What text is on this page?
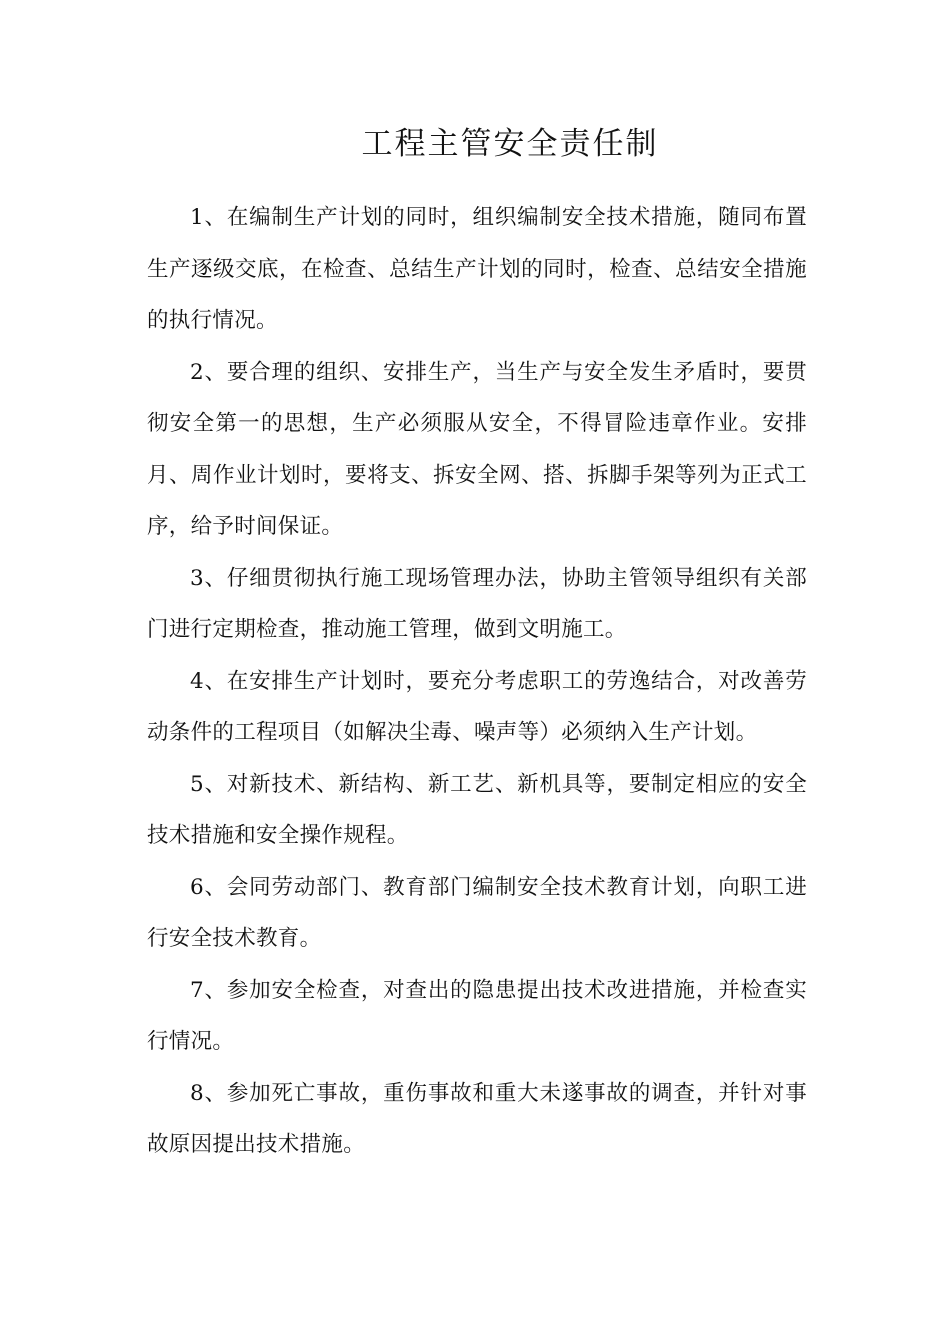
工程主管安全责任制

1、在编制生产计划的同时，组织编制安全技术措施，随同布置生产逐级交底，在检查、总结生产计划的同时，检查、总结安全措施的执行情况。

2、要合理的组织、安排生产，当生产与安全发生矛盾时，要贯彻安全第一的思想，生产必须服从安全，不得冒险违章作业。安排月、周作业计划时，要将支、拆安全网、搭、拆脚手架等列为正式工序，给予时间保证。

3、仔细贯彻执行施工现场管理办法，协助主管领导组织有关部门进行定期检查，推动施工管理，做到文明施工。

4、在安排生产计划时，要充分考虑职工的劳逸结合，对改善劳动条件的工程项目（如解决尘毒、噪声等）必须纳入生产计划。

5、对新技术、新结构、新工艺、新机具等，要制定相应的安全技术措施和安全操作规程。

6、会同劳动部门、教育部门编制安全技术教育计划，向职工进行安全技术教育。

7、参加安全检查，对查出的隐患提出技术改进措施，并检查实行情况。

8、参加死亡事故，重伤事故和重大未遂事故的调查，并针对事故原因提出技术措施。
